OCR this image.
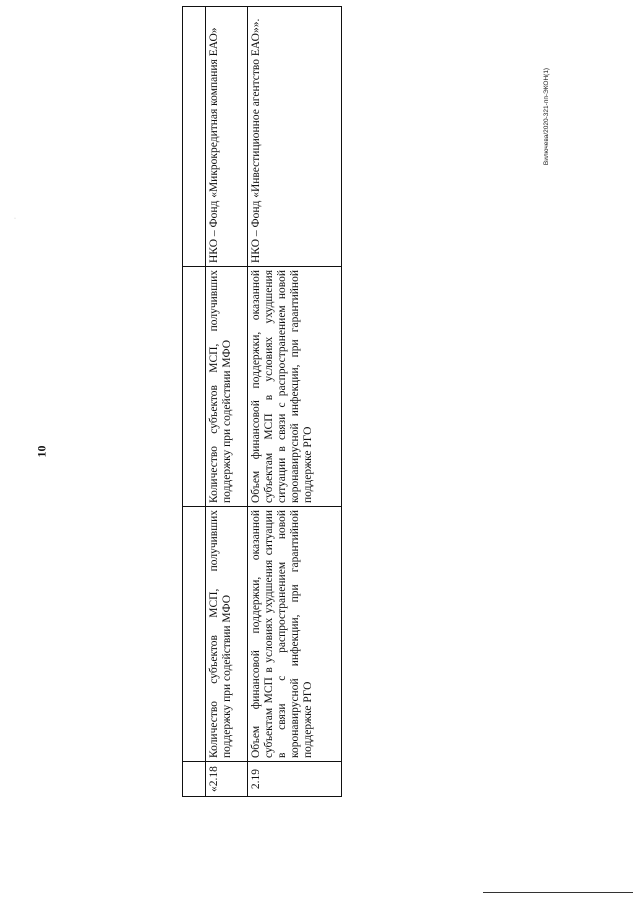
10
·
Вилючева/2020-321-пп-ЭКОН(1)

«2.18	Количество субъектов МСП, получивших поддержку при содействии МФО	Количество субъектов МСП, получивших поддержку при содействии МФО	НКО – Фонд «Микрокредитная компания ЕАО»
2.19	Объем финансовой поддержки, оказанной субъектам МСП в условиях ухудшения ситуации в связи с распространением новой коронавирусной инфекции, при гарантийной поддержке РГО	Объем финансовой поддержки, оказанной субъектам МСП в условиях ухудшения ситуации в связи с распространением новой коронавирусной инфекции, при гарантийной поддержке РГО	НКО – Фонд «Инвестиционное агентство ЕАО»».
